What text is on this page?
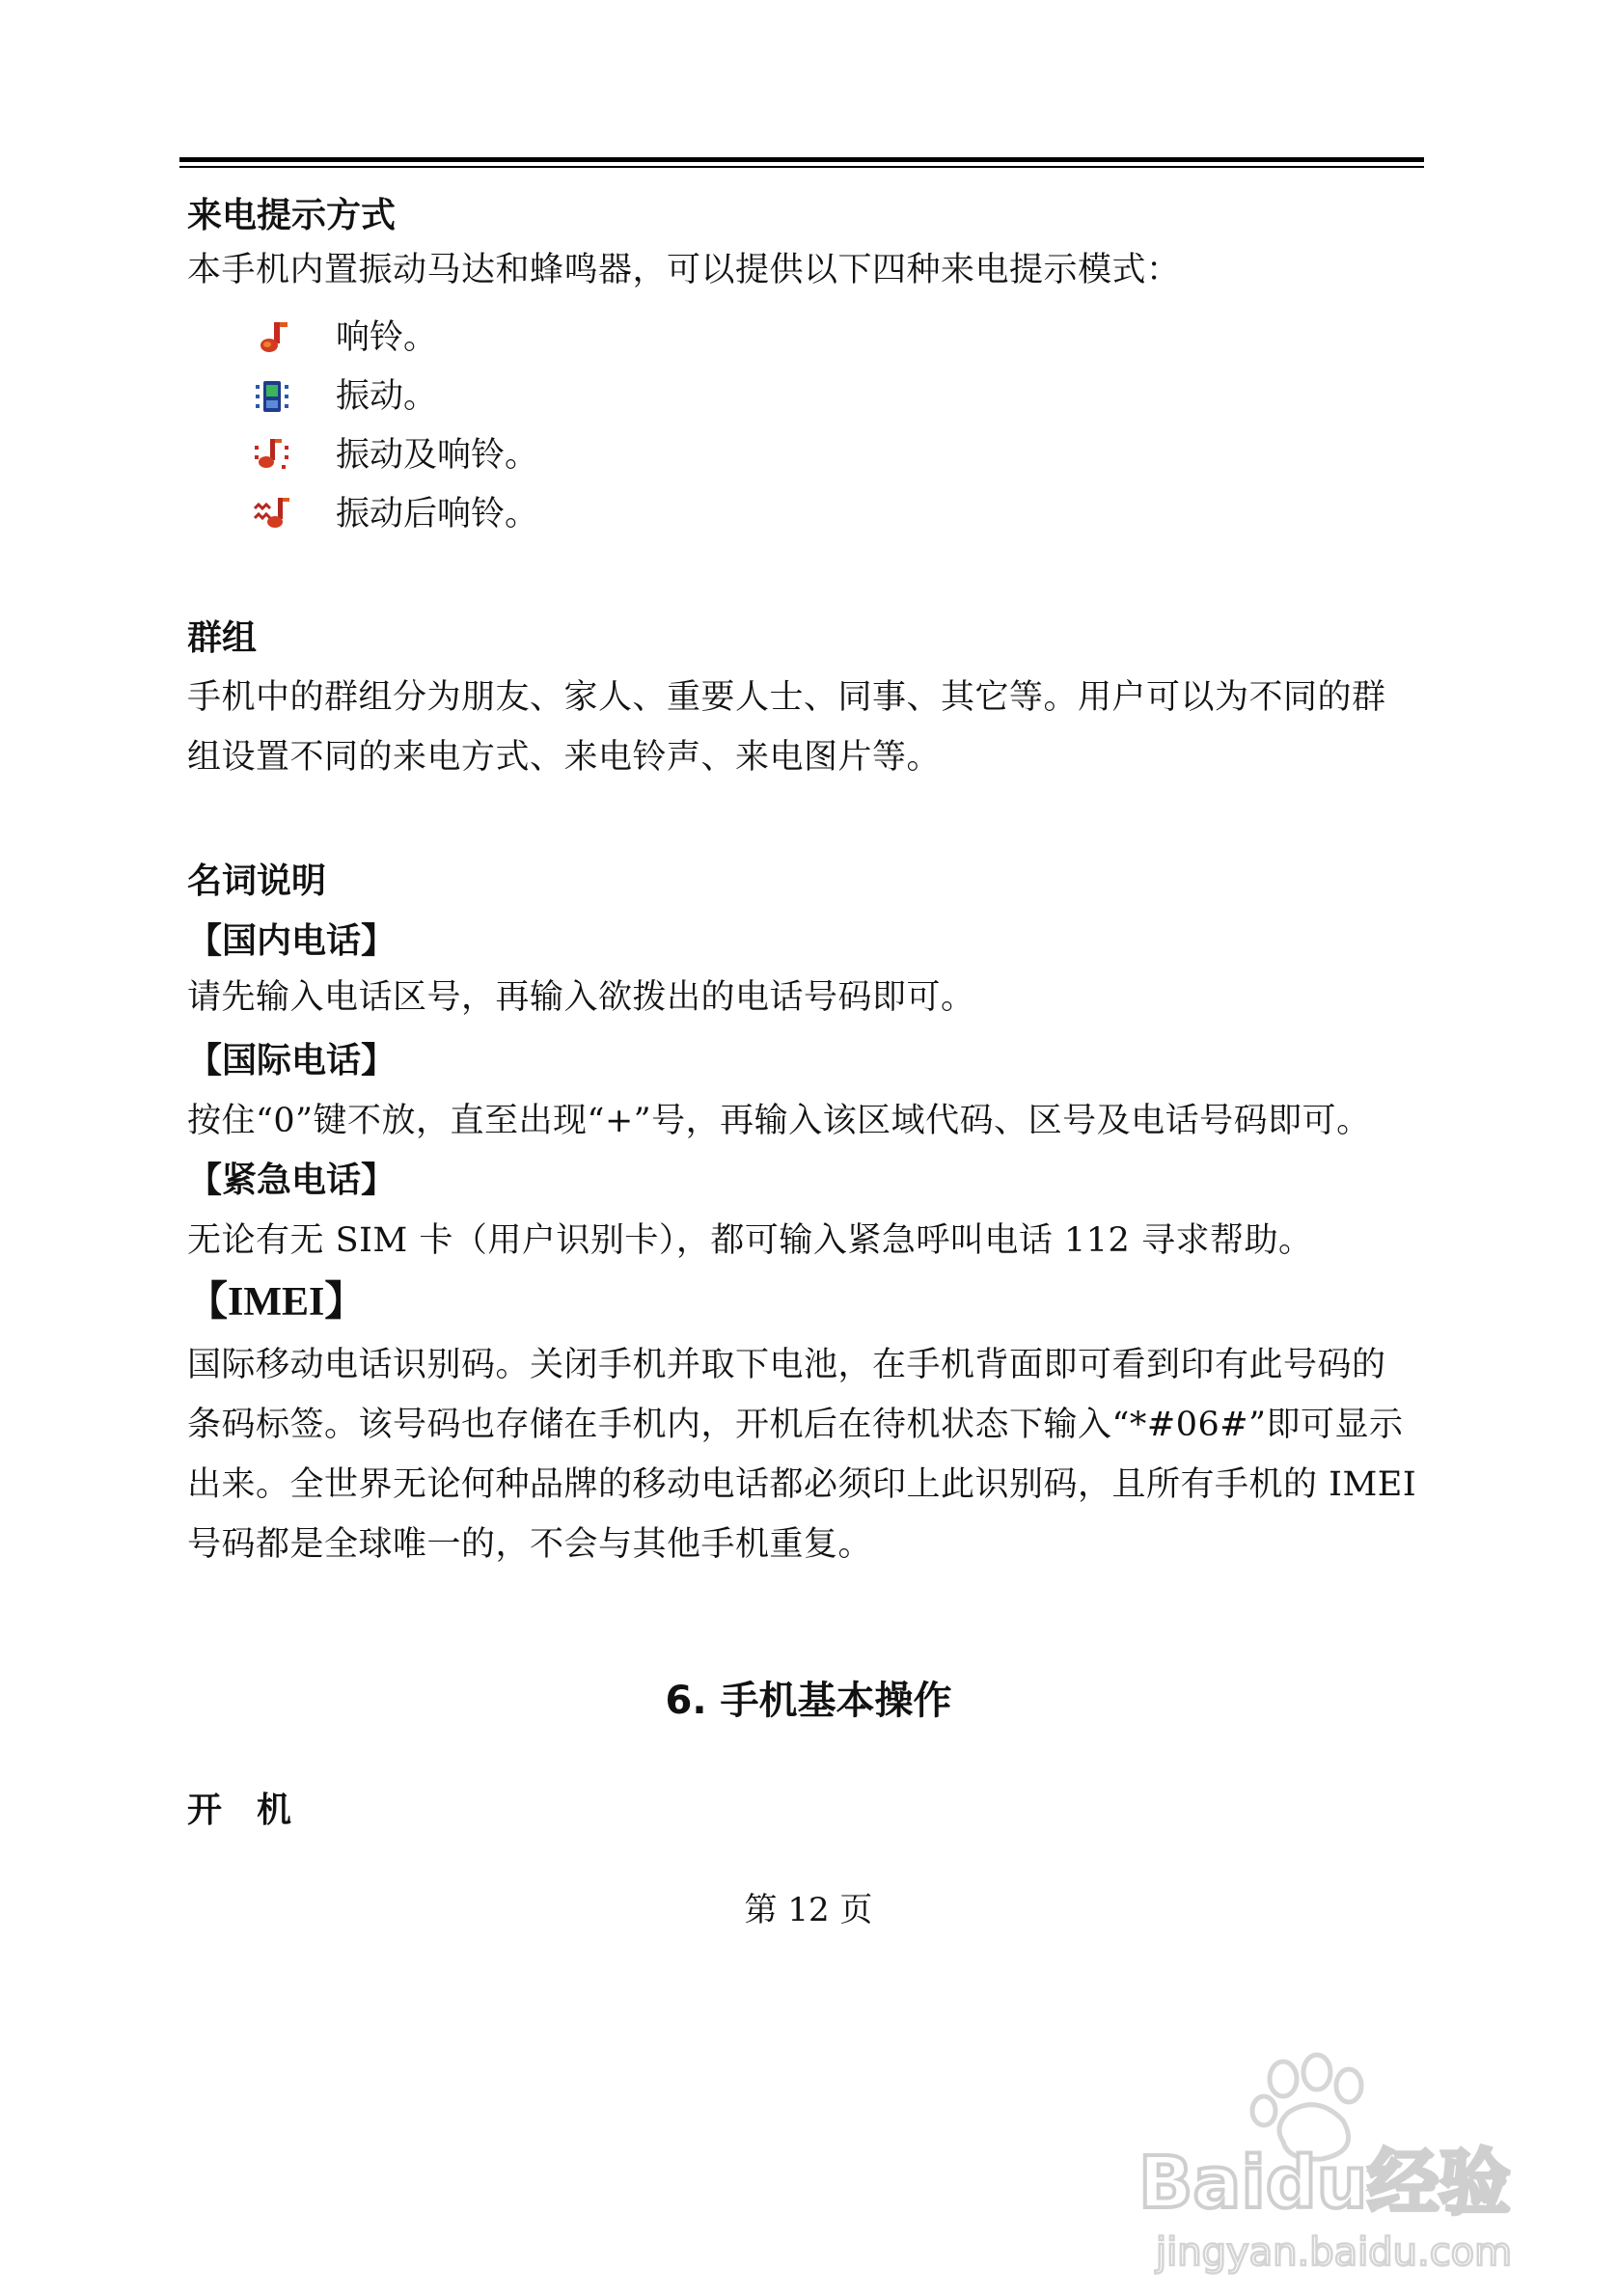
来电提示方式

本手机内置振动马达和蜂鸣器，可以提供以下四种来电提示模式：

响铃。
振动。
振动及响铃。
振动后响铃。

群组

手机中的群组分为朋友、家人、重要人士、同事、其它等。用户可以为不同的群

组设置不同的来电方式、来电铃声、来电图片等。

名词说明

【国内电话】

请先输入电话区号，再输入欲拨出的电话号码即可。

【国际电话】

按住“0”键不放，直至出现“+”号，再输入该区域代码、区号及电话号码即可。

【紧急电话】

无论有无 SIM 卡（用户识别卡），都可输入紧急呼叫电话 112 寻求帮助。

【IMEI】

国际移动电话识别码。关闭手机并取下电池，在手机背面即可看到印有此号码的

条码标签。该号码也存储在手机内，开机后在待机状态下输入“*#06#”即可显示

出来。全世界无论何种品牌的移动电话都必须印上此识别码，且所有手机的 IMEI

号码都是全球唯一的，不会与其他手机重复。

6. 手机基本操作

开　机

第 12 页
Baidu经验
jingyan.baidu.com
